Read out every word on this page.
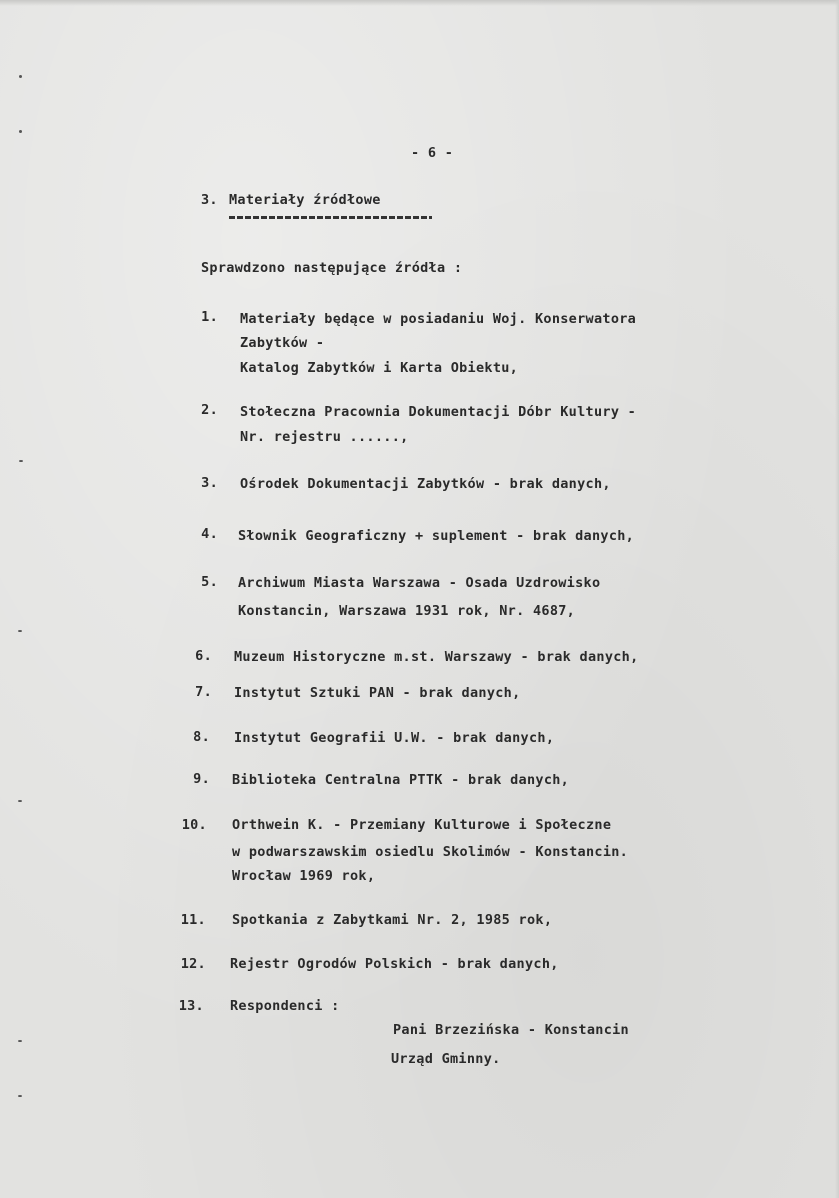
- 6 -
3. Materiały źródłowe
Sprawdzono następujące źródła :
1. Materiały będące w posiadaniu Woj. Konserwatora
Zabytków -
Katalog Zabytków i Karta Obiektu,
2. Stołeczna Pracownia Dokumentacji Dóbr Kultury -
Nr. rejestru ......,
3. Ośrodek Dokumentacji Zabytków - brak danych,
4. Słownik Geograficzny + suplement - brak danych,
5. Archiwum Miasta Warszawa - Osada Uzdrowisko
Konstancin, Warszawa 1931 rok, Nr. 4687,
6. Muzeum Historyczne m.st. Warszawy - brak danych,
7. Instytut Sztuki PAN - brak danych,
8. Instytut Geografii U.W. - brak danych,
9. Biblioteka Centralna PTTK - brak danych,
10. Orthwein K. - Przemiany Kulturowe i Społeczne
w podwarszawskim osiedlu Skolimów - Konstancin.
Wrocław 1969 rok,
11. Spotkania z Zabytkami Nr. 2, 1985 rok,
12. Rejestr Ogrodów Polskich - brak danych,
13. Respondenci :
Pani Brzezińska - Konstancin
Urząd Gminny.
